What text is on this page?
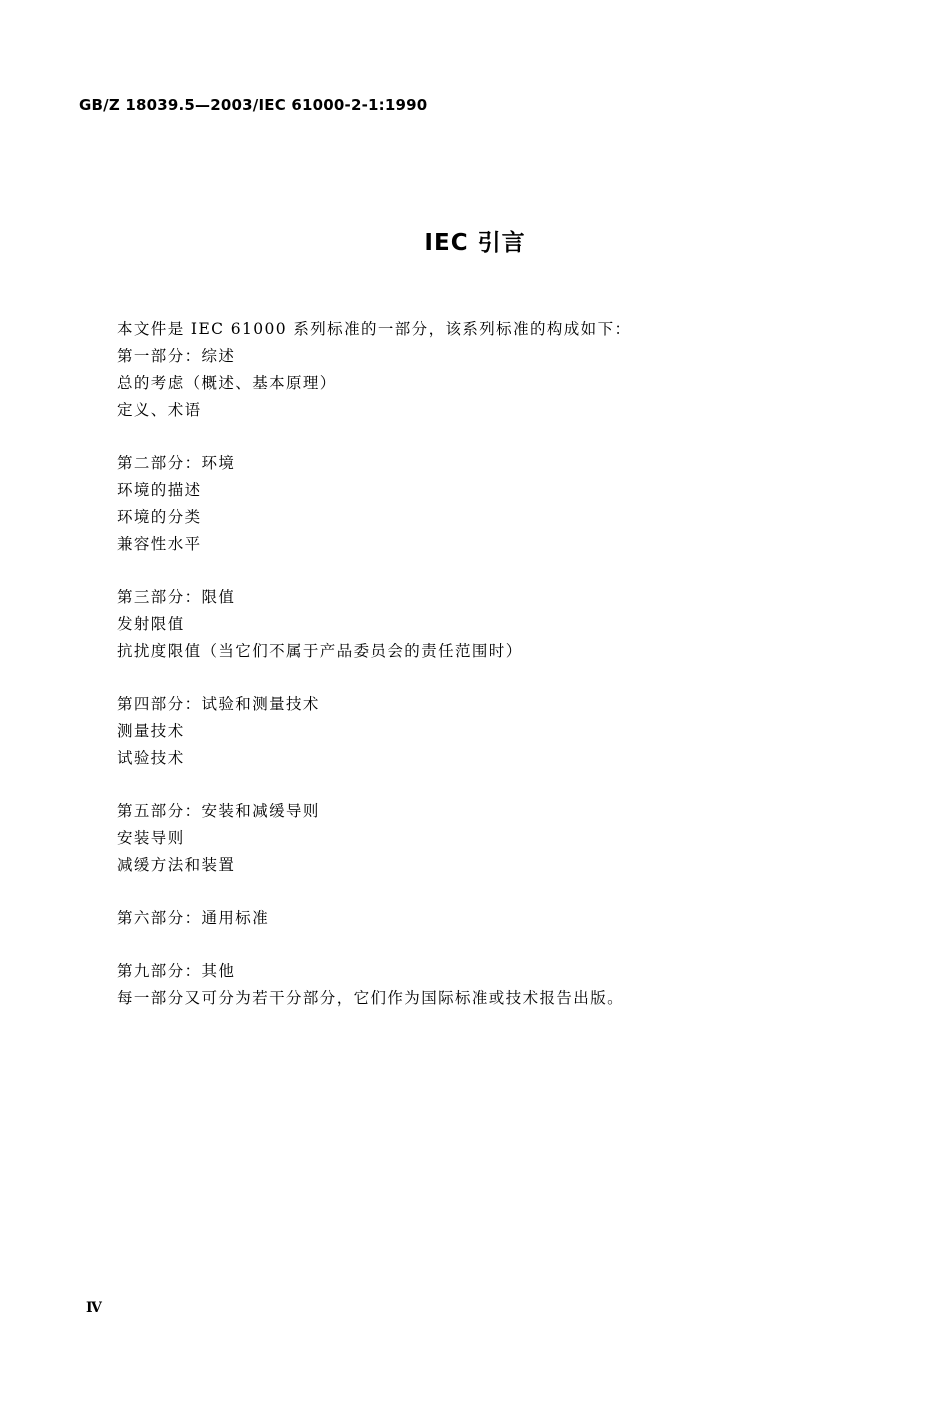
GB/Z 18039.5—2003/IEC 61000-2-1:1990
IEC 引言
本文件是 IEC 61000 系列标准的一部分，该系列标准的构成如下：
第一部分：综述
总的考虑（概述、基本原理）
定义、术语
第二部分：环境
环境的描述
环境的分类
兼容性水平
第三部分：限值
发射限值
抗扰度限值（当它们不属于产品委员会的责任范围时）
第四部分：试验和测量技术
测量技术
试验技术
第五部分：安装和减缓导则
安装导则
减缓方法和装置
第六部分：通用标准
第九部分：其他
每一部分又可分为若干分部分，它们作为国际标准或技术报告出版。
Ⅳ
